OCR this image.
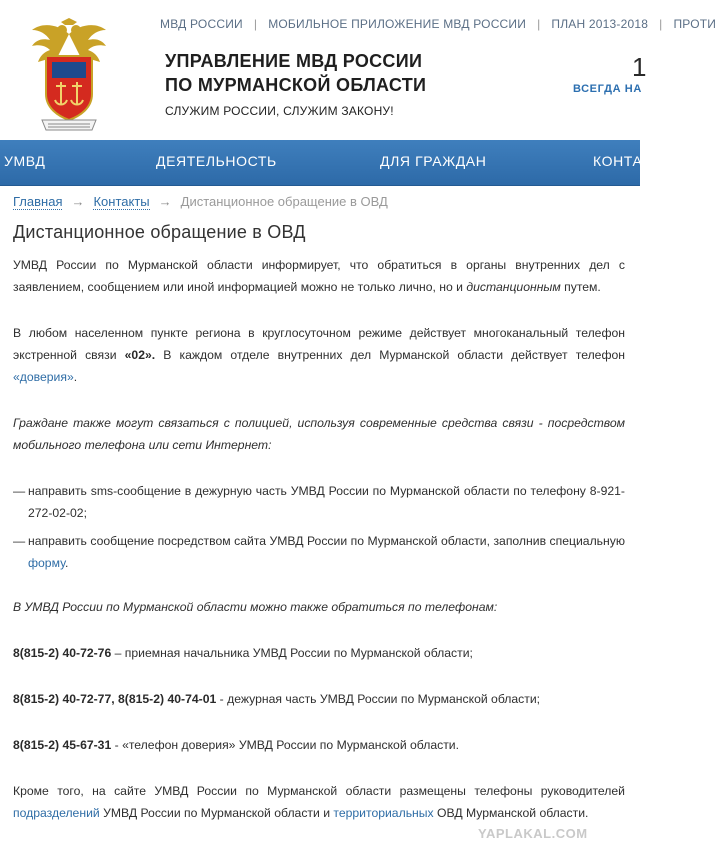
МВД РОССИИ | МОБИЛЬНОЕ ПРИЛОЖЕНИЕ МВД РОССИИ | ПЛАН 2013-2018 | ПРОТИ
УПРАВЛЕНИЕ МВД РОССИИ
ПО МУРМАНСКОЙ ОБЛАСТИ
СЛУЖИМ РОССИИ, СЛУЖИМ ЗАКОНУ!
1
ВСЕГДА НА
УМВД	ДЕЯТЕЛЬНОСТЬ	ДЛЯ ГРАЖДАН	КОНТА
Главная → Контакты → Дистанционное обращение в ОВД
Дистанционное обращение в ОВД

УМВД России по Мурманской области информирует, что обратиться в органы внутренних дел с заявлением, сообщением или иной информацией можно не только лично, но и дистанционным путем.

В любом населенном пункте региона в круглосуточном режиме действует многоканальный телефон экстренной связи «02». В каждом отделе внутренних дел Мурманской области действует телефон «доверия».

Граждане также могут связаться с полицией, используя современные средства связи - посредством мобильного телефона или сети Интернет:

— направить sms-сообщение в дежурную часть УМВД России по Мурманской области по телефону 8-921-272-02-02;
— направить сообщение посредством сайта УМВД России по Мурманской области, заполнив специальную форму.

В УМВД России по Мурманской области можно также обратиться по телефонам:

8(815-2) 40-72-76 – приемная начальника УМВД России по Мурманской области;

8(815-2) 40-72-77, 8(815-2) 40-74-01 - дежурная часть УМВД России по Мурманской области;

8(815-2) 45-67-31 - «телефон доверия» УМВД России по Мурманской области.

Кроме того, на сайте УМВД России по Мурманской области размещены телефоны руководителей подразделений УМВД России по Мурманской области и территориальных ОВД Мурманской области.

YAPLAKAL.COM
